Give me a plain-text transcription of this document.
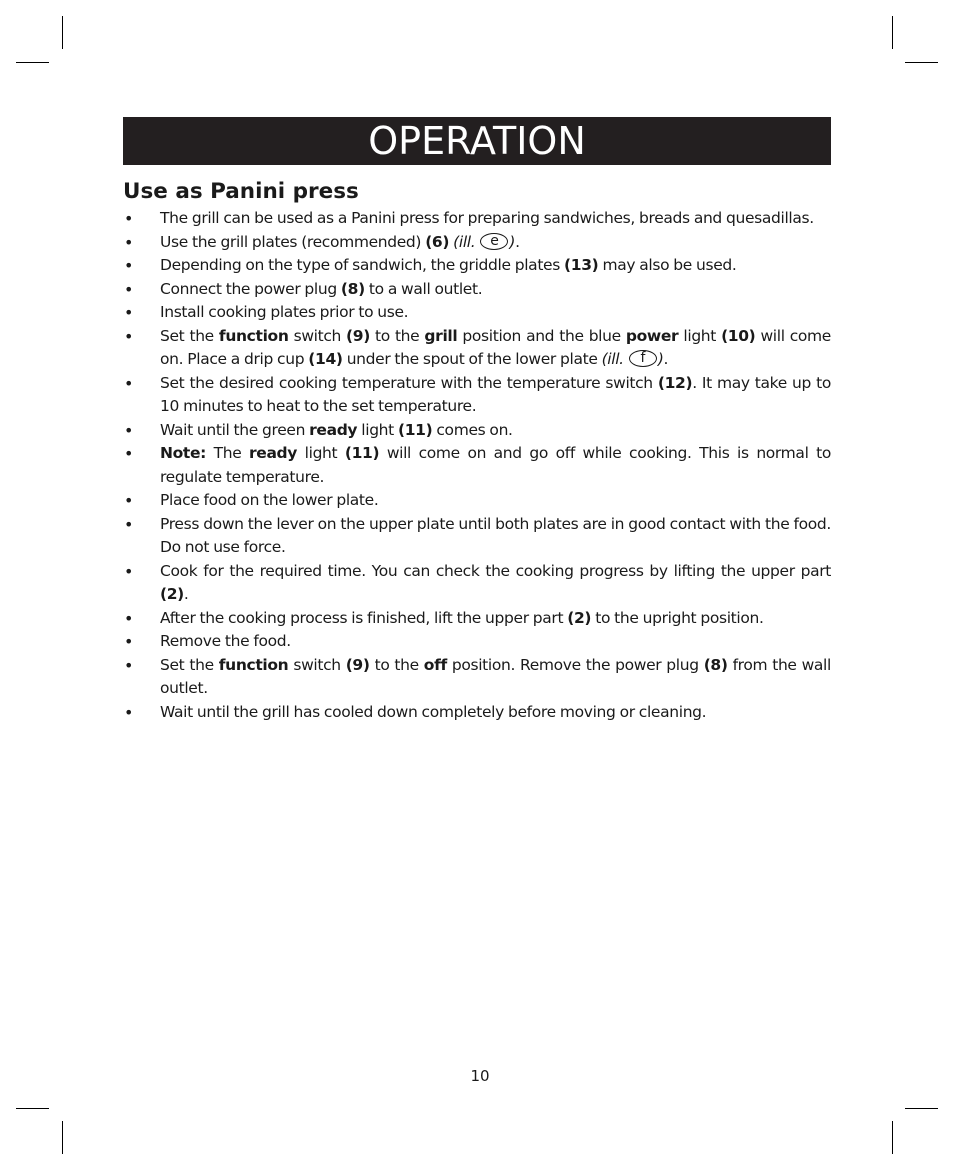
OPERATION
Use as Panini press
• The grill can be used as a Panini press for preparing sandwiches, breads and quesadillas.
• Use the grill plates (recommended) (6) (ill. e ).
• Depending on the type of sandwich, the griddle plates (13) may also be used.
• Connect the power plug (8) to a wall outlet.
• Install cooking plates prior to use.
• Set the function switch (9) to the grill position and the blue power light (10) will come on. Place a drip cup (14) under the spout of the lower plate (ill. f ).
• Set the desired cooking temperature with the temperature switch (12). It may take up to 10 minutes to heat to the set temperature.
• Wait until the green ready light (11) comes on.
• Note: The ready light (11) will come on and go off while cooking. This is normal to regulate temperature.
• Place food on the lower plate.
• Press down the lever on the upper plate until both plates are in good contact with the food. Do not use force.
• Cook for the required time. You can check the cooking progress by lifting the upper part (2).
• After the cooking process is finished, lift the upper part (2) to the upright position.
• Remove the food.
• Set the function switch (9) to the off position. Remove the power plug (8) from the wall outlet.
• Wait until the grill has cooled down completely before moving or cleaning.
10
